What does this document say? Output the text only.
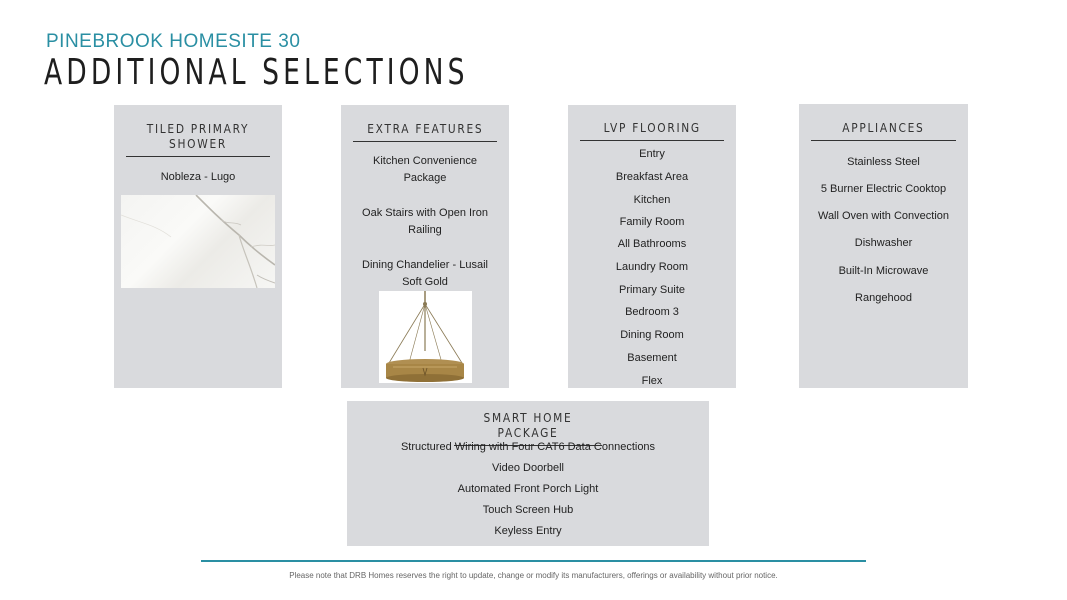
PINEBROOK HOMESITE 30
ADDITIONAL SELECTIONS
TILED PRIMARY SHOWER
Nobleza - Lugo
EXTRA FEATURES
Kitchen Convenience Package
Oak Stairs with Open Iron Railing
Dining Chandelier - Lusail Soft Gold
LVP FLOORING
Entry
Breakfast Area
Kitchen
Family Room
All Bathrooms
Laundry Room
Primary Suite
Bedroom 3
Dining Room
Basement
Flex
APPLIANCES
Stainless Steel
5 Burner Electric Cooktop
Wall Oven with Convection
Dishwasher
Built-In Microwave
Rangehood
SMART HOME PACKAGE
Structured Wiring with Four CAT6 Data Connections
Video Doorbell
Automated Front Porch Light
Touch Screen Hub
Keyless Entry
Please note that DRB Homes reserves the right to update, change or modify its manufacturers, offerings or availability without prior notice.
